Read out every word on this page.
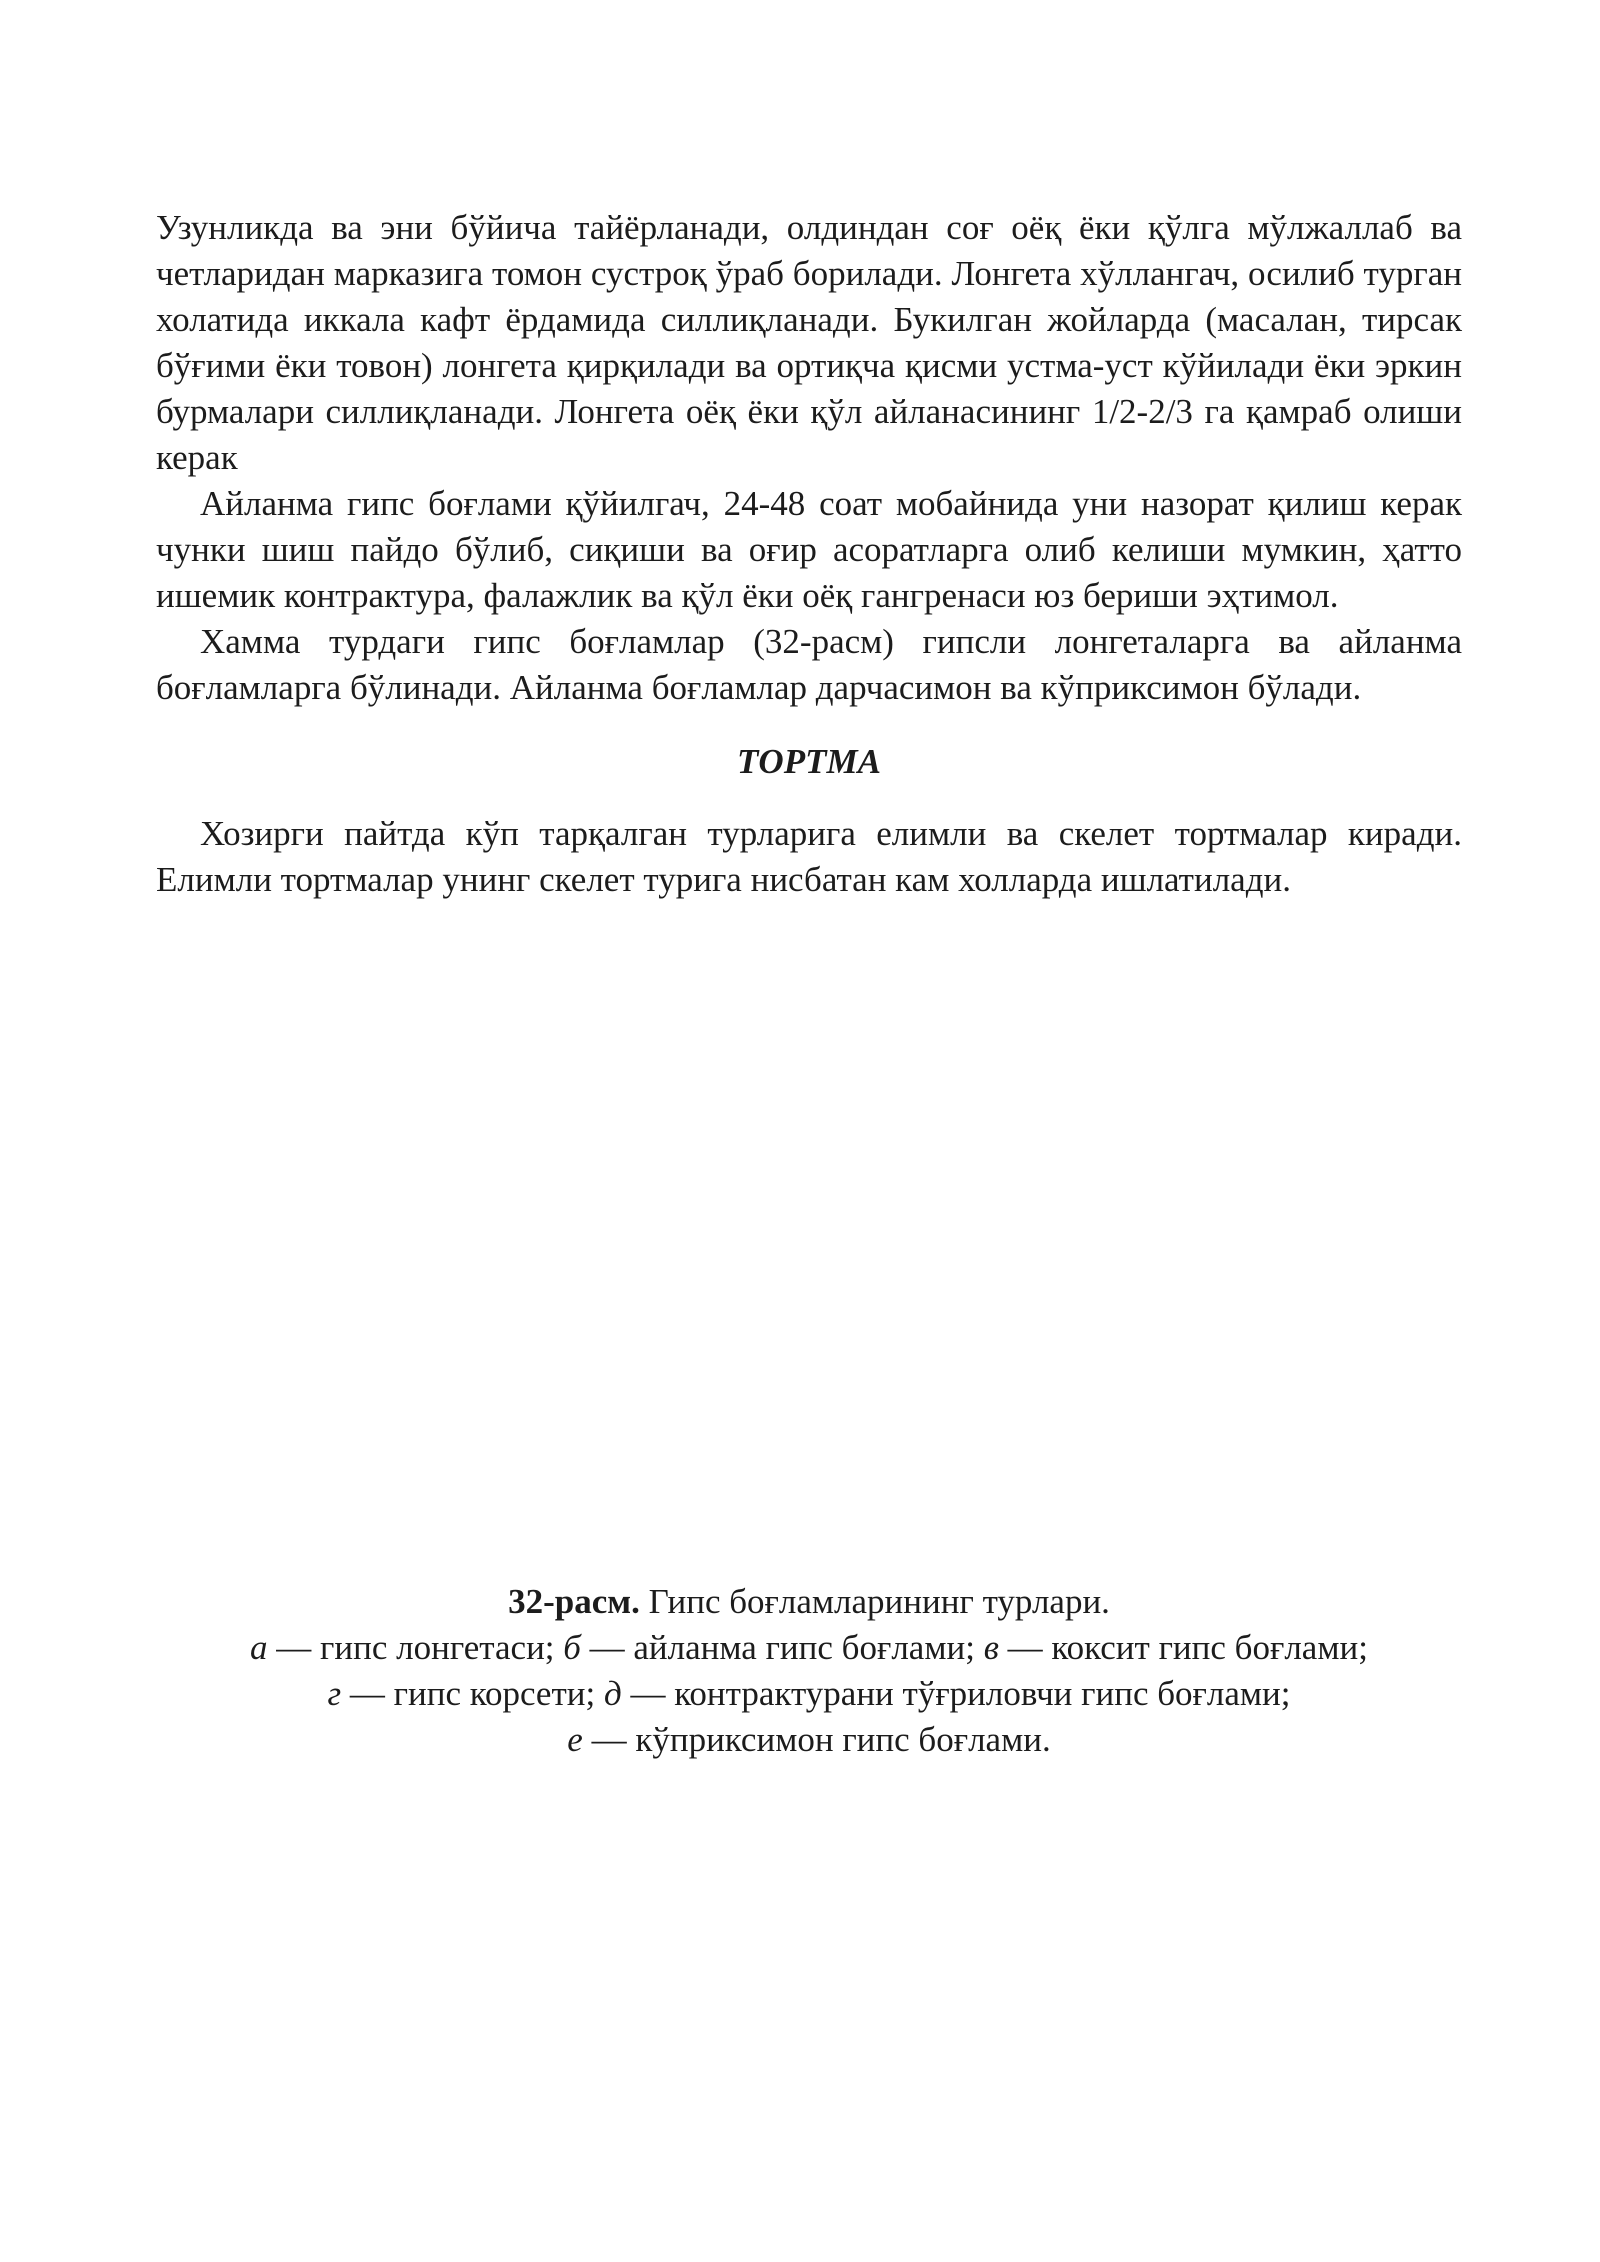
Узунликда ва эни бўйича тайёрланади, олдиндан соғ оёқ ёки қўлга мўлжаллаб ва четларидан марказига томон сустроқ ўраб борилади. Лонгета хўллангач, осилиб турган холатида иккала кафт ёрдамида силлиқланади. Букилган жойларда (масалан, тирсак бўғими ёки товон) лонгета қирқилади ва ортиқча қисми устма-уст кўйилади ёки эркин бурмалари силлиқланади. Лонгета оёқ ёки қўл айланасининг 1/2-2/3 га қамраб олиши керак

Айланма гипс боғлами қўйилгач, 24-48 соат мобайнида уни назорат қилиш керак чунки шиш пайдо бўлиб, сиқиши ва оғир асоратларга олиб келиши мумкин, ҳатто ишемик контрактура, фалажлик ва қўл ёки оёқ гангренаси юз бериши эҳтимол.

Хамма турдаги гипс боғламлар (32-расм) гипсли лонгеталарга ва айланма боғламларга бўлинади. Айланма боғламлар дарчасимон ва кўприксимон бўлади.

ТОРТМА

Хозирги пайтда кўп тарқалган турларига елимли ва скелет тортмалар киради. Елимли тортмалар унинг скелет турига нисбатан кам холларда ишлатилади.

32-расм. Гипс боғламларининг турлари.

а — гипс лонгетаси; б — айланма гипс боғлами; в — коксит гипс боғлами;

г — гипс корсети; д — контрактурани тўғриловчи гипс боғлами;

е — кўприксимон гипс боғлами.
